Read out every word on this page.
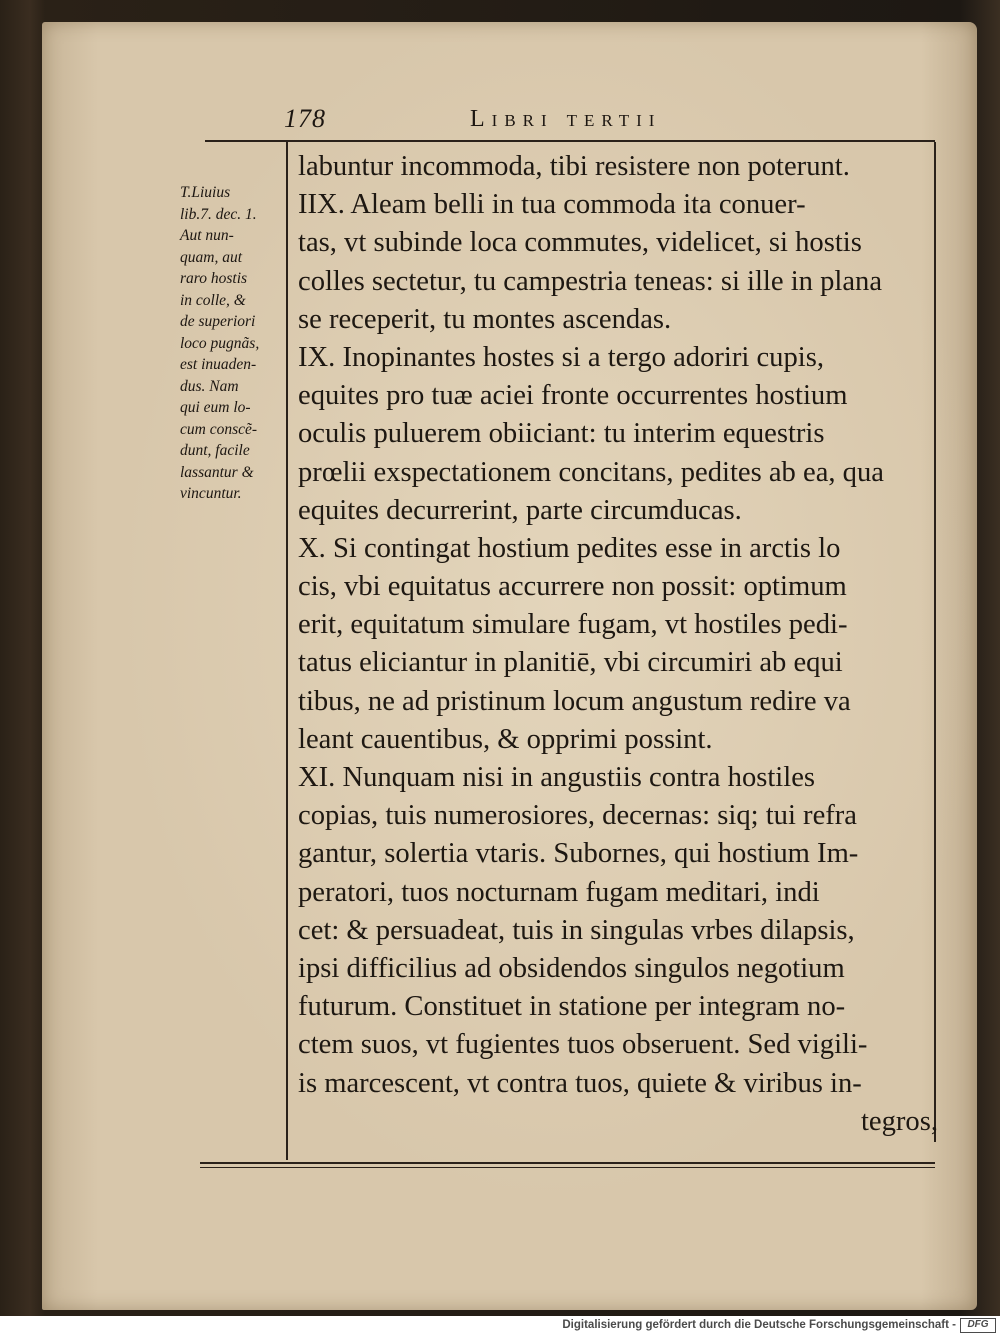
178	Libri tertii
T.Liuius
lib.7. dec. 1.
Aut nun-
quam, aut
raro hostis
in colle, &
de superiori
loco pugnãs,
est inuaden-
dus. Nam
qui eum lo-
cum conscẽ-
dunt, facile
lassantur &
vincuntur.
labuntur incommoda, tibi resistere non poterunt.
IIX. Aleam belli in tua commoda ita conuer-
tas, vt subinde loca commutes, videlicet, si hostis
colles sectetur, tu campestria teneas: si ille in plana
se receperit, tu montes ascendas.
IX. Inopinantes hostes si a tergo adoriri cupis,
equites pro tuæ aciei fronte occurrentes hostium
oculis puluerem obiiciant: tu interim equestris
prœlii exspectationem concitans, pedites ab ea, qua
equites decurrerint, parte circumducas.
X. Si contingat hostium pedites esse in arctis lo
cis, vbi equitatus accurrere non possit: optimum
erit, equitatum simulare fugam, vt hostiles pedi-
tatus eliciantur in planitiē, vbi circumiri ab equi
tibus, ne ad pristinum locum angustum redire va
leant cauentibus, & opprimi possint.
XI. Nunquam nisi in angustiis contra hostiles
copias, tuis numerosiores, decernas: siq; tui refra
gantur, solertia vtaris. Subornes, qui hostium Im-
peratori, tuos nocturnam fugam meditari, indi
cet: & persuadeat, tuis in singulas vrbes dilapsis,
ipsi difficilius ad obsidendos singulos negotium
futurum. Constituet in statione per integram no-
ctem suos, vt fugientes tuos obseruent. Sed vigili-
is marcescent, vt contra tuos, quiete & viribus in-
tegros,
Digitalisierung gefördert durch die Deutsche Forschungsgemeinschaft -	DFG
